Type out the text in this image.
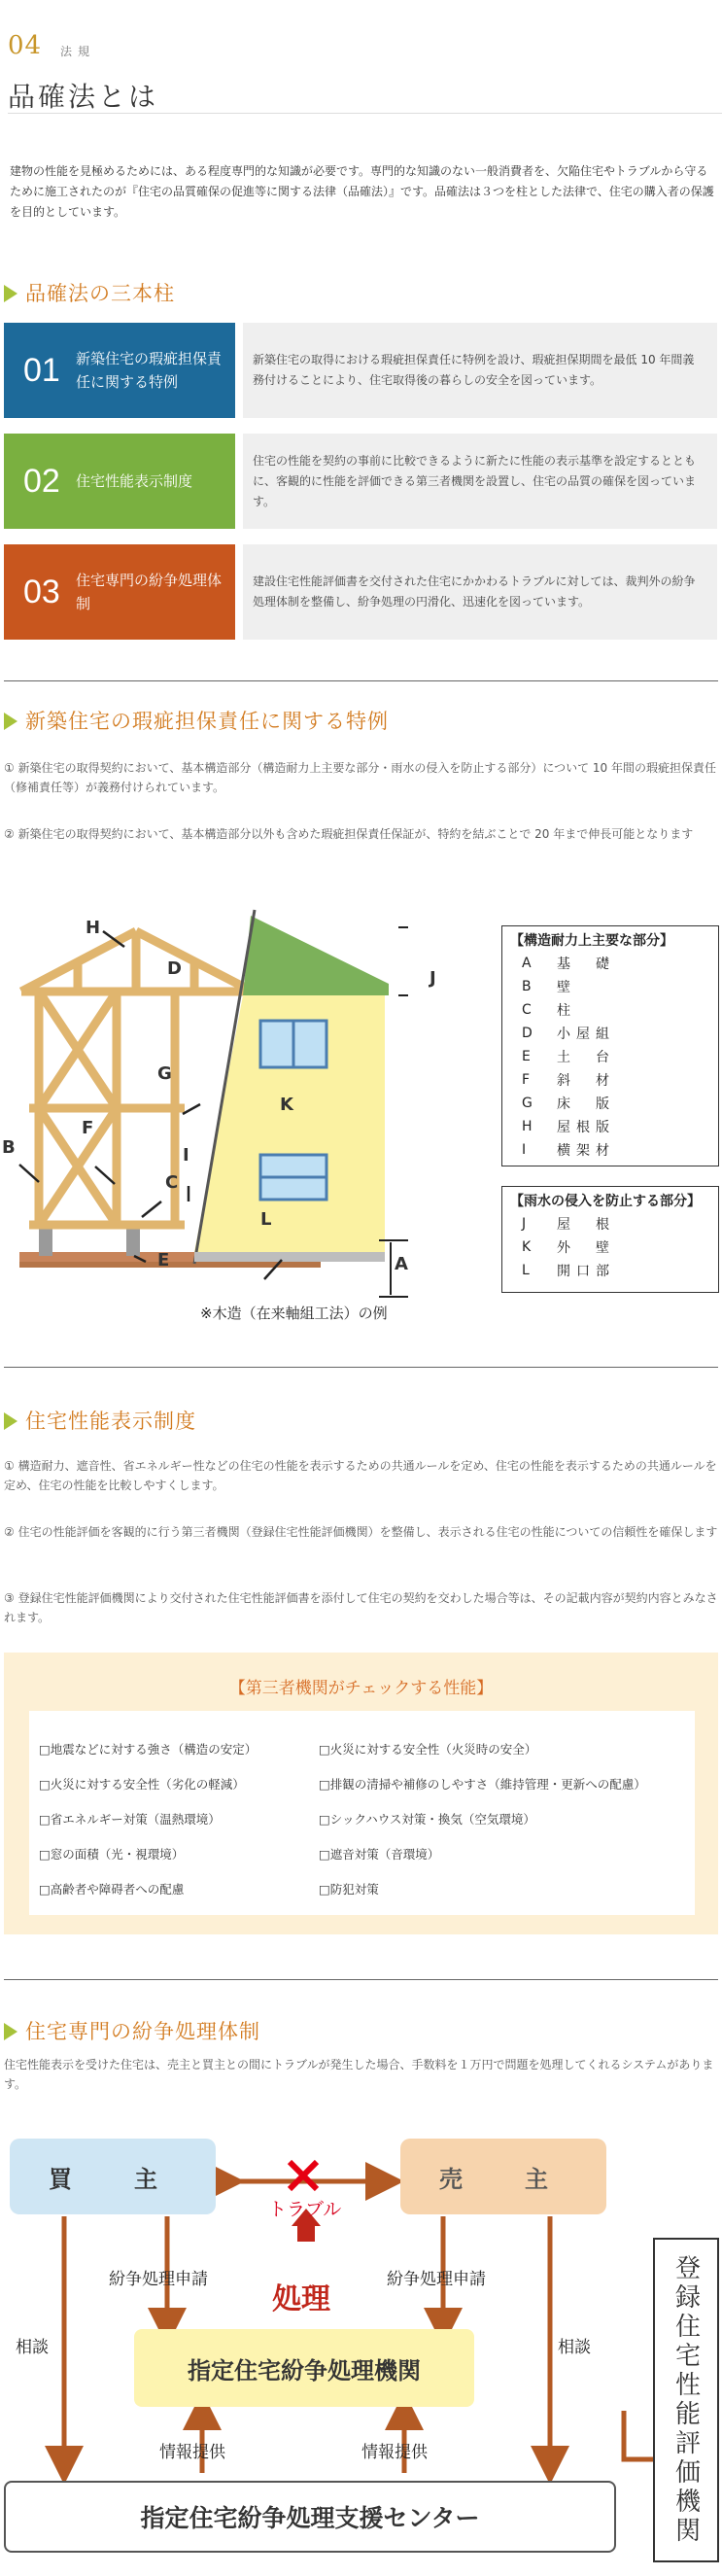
04 法規
品確法とは
建物の性能を見極めるためには、ある程度専門的な知識が必要です。専門的な知識のない一般消費者を、欠陥住宅やトラブルから守るために施工されたのが『住宅の品質確保の促進等に関する法律（品確法）』です。品確法は３つを柱とした法律で、住宅の購入者の保護を目的としています。
品確法の三本柱
01 新築住宅の瑕疵担保責任に関する特例
新築住宅の取得における瑕疵担保責任に特例を設け、瑕疵担保期間を最低 10 年間義務付けることにより、住宅取得後の暮らしの安全を図っています。
02 住宅性能表示制度
住宅の性能を契約の事前に比較できるように新たに性能の表示基準を設定するとともに、客観的に性能を評価できる第三者機関を設置し、住宅の品質の確保を図っています。
03 住宅専門の紛争処理体制
建設住宅性能評価書を交付された住宅にかかわるトラブルに対しては、裁判外の紛争処理体制を整備し、紛争処理の円滑化、迅速化を図っています。
新築住宅の瑕疵担保責任に関する特例
① 新築住宅の取得契約において、基本構造部分（構造耐力上主要な部分・雨水の侵入を防止する部分）について 10 年間の瑕疵担保責任（修補責任等）が義務付けられています。
② 新築住宅の取得契約において、基本構造部分以外も含めた瑕疵担保責任保証が、特約を結ぶことで 20 年まで伸長可能となります
H
D	J
G
K
F
I
B
C
L
E	A
※木造（在来軸組工法）の例
【構造耐力上主要な部分】
A	基　礎
B	壁
C	柱
D	小屋組
E	土　台
F	斜　材
G	床　版
H	屋根版
I	横架材
【雨水の侵入を防止する部分】
J	屋　根
K	外　壁
L	開口部
住宅性能表示制度
① 構造耐力、遮音性、省エネルギー性などの住宅の性能を表示するための共通ルールを定め、住宅の性能を表示するための共通ルールを定め、住宅の性能を比較しやすくします。
② 住宅の性能評価を客観的に行う第三者機関（登録住宅性能評価機関）を整備し、表示される住宅の性能についての信頼性を確保します
③ 登録住宅性能評価機関により交付された住宅性能評価書を添付して住宅の契約を交わした場合等は、その記載内容が契約内容とみなされます。
【第三者機関がチェックする性能】
□地震などに対する強さ（構造の安定）
□火災に対する安全性（劣化の軽減）
□省エネルギー対策（温熱環境）
□窓の面積（光・視環境）
□高齢者や障碍者への配慮
□火災に対する安全性（火災時の安全）
□排観の清掃や補修のしやすさ（維持管理・更新への配慮）
□シックハウス対策・換気（空気環境）
□遮音対策（音環境）
□防犯対策
住宅専門の紛争処理体制
住宅性能表示を受けた住宅は、売主と買主との間にトラブルが発生した場合、手数料を１万円で問題を処理してくれるシステムがあります。
買　主	売　主
トラブル
紛争処理申請	紛争処理申請
処理
相談	相談
指定住宅紛争処理機関
情報提供	情報提供
指定住宅紛争処理支援センター	登録住宅性能評価機関
